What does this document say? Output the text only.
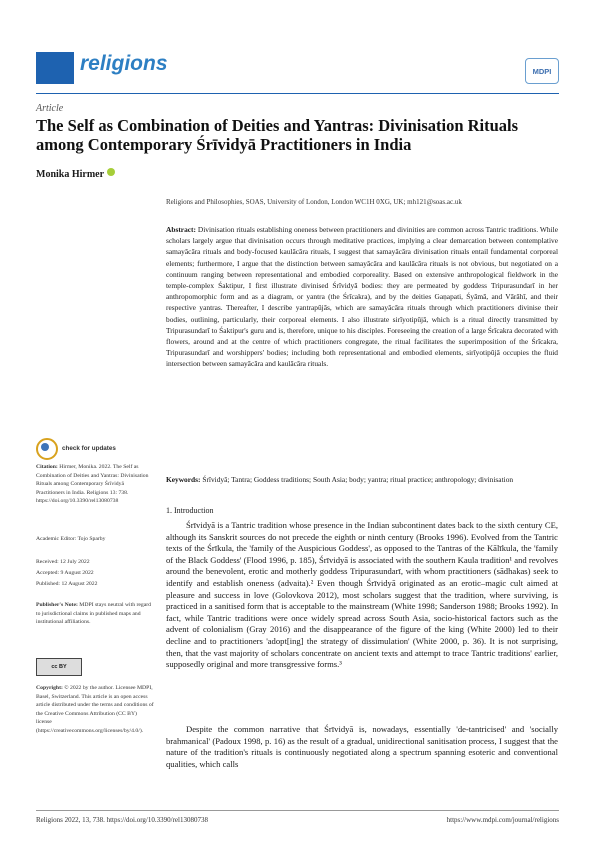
religions	MDPI
Article
The Self as Combination of Deities and Yantras: Divinisation Rituals among Contemporary Śrīvidyā Practitioners in India
Monika Hirmer
Religions and Philosophies, SOAS, University of London, London WC1H 0XG, UK; mh121@soas.ac.uk
Abstract: Divinisation rituals establishing oneness between practitioners and divinities are common across Tantric traditions. While scholars largely argue that divinisation occurs through meditative practices, implying a clear demarcation between contemplative samayācāra rituals and body-focused kaulācāra rituals, I suggest that samayācāra divinisation rituals entail fundamental corporeal elements; furthermore, I argue that the distinction between samayācāra and kaulācāra rituals is not obvious, but negotiated on a continuum ranging between representational and embodied corporeality. Based on extensive anthropological fieldwork in the temple-complex Śaktipur, I first illustrate divinised Śrīvidyā bodies: they are permeated by goddess Tripurasundarī in her anthropomorphic form and as a diagram, or yantra (the Śrīcakra), and by the deities Gaṇapati, Śyāmā, and Vārāhī, and their respective yantras. Thereafter, I describe yantrapūjās, which are samayācāra rituals through which practitioners divinise their bodies, outlining, particularly, their corporeal elements. I also illustrate sirīyotipūjā, which is a ritual directly transmitted by Tripurasundarī to Śaktipur's guru and is, therefore, unique to his disciples. Foreseeing the creation of a large Śrīcakra decorated with flowers, around and at the centre of which practitioners congregate, the ritual facilitates the superimposition of the Śrīcakra, Tripurasundarī and worshippers' bodies; including both representational and embodied elements, sirīyotipūjā occupies the fluid intersection between samayācāra and kaulācāra rituals.
Keywords: Śrīvidyā; Tantra; Goddess traditions; South Asia; body; yantra; ritual practice; anthropology; divinisation
check for updates
Citation: Hirmer, Monika. 2022. The Self as Combination of Deities and Yantras: Divinisation Rituals among Contemporary Śrīvidyā Practitioners in India. Religions 13: 738. https://doi.org/10.3390/rel13080738
Academic Editor: Tojo Sparby
Received: 12 July 2022
Accepted: 9 August 2022
Published: 12 August 2022
Publisher's Note: MDPI stays neutral with regard to jurisdictional claims in published maps and institutional affiliations.
cc BY
Copyright: © 2022 by the author. Licensee MDPI, Basel, Switzerland. This article is an open access article distributed under the terms and conditions of the Creative Commons Attribution (CC BY) license (https://creativecommons.org/licenses/by/4.0/).
1. Introduction
Śrīvidyā is a Tantric tradition whose presence in the Indian subcontinent dates back to the sixth century CE, although its Sanskrit sources do not precede the eighth or ninth century (Brooks 1996). Evolved from the Tantric texts of the Śrīkula, the 'family of the Auspicious Goddess', as opposed to the Tantras of the Kālīkula, the 'family of the Black Goddess' (Flood 1996, p. 185), Śrīvidyā is associated with the southern Kaula tradition¹ and revolves around the benevolent, erotic and motherly goddess Tripurasundarī, with whom practitioners (sādhakas) seek to identify and establish oneness (advaita).² Even though Śrīvidyā originated as an erotic–magic cult aimed at pleasure and success in love (Golovkova 2012), most scholars suggest that the tradition, where surviving, is practiced in a sanitised form that is acceptable to the mainstream (White 1998; Sanderson 1988; Brooks 1992). In fact, while Tantric traditions were once widely spread across South Asia, socio-historical factors such as the advent of colonialism (Gray 2016) and the disappearance of the figure of the king (White 2000) led to their decline and to practitioners 'adopt[ing] the strategy of dissimulation' (White 2000, p. 36). It is not surprising, then, that the vast majority of scholars concentrate on ancient texts and attempt to trace Tantric traditions' earlier, supposedly original and more transgressive forms.³
Despite the common narrative that Śrīvidyā is, nowadays, essentially 'de-tantricised' and 'socially brahmanical' (Padoux 1998, p. 16) as the result of a gradual, unidirectional sanitisation process, I suggest that the nature of the tradition's rituals is continuously negotiated along a spectrum spanning esoteric and conventional qualities, which calls
Religions 2022, 13, 738. https://doi.org/10.3390/rel13080738	https://www.mdpi.com/journal/religions
